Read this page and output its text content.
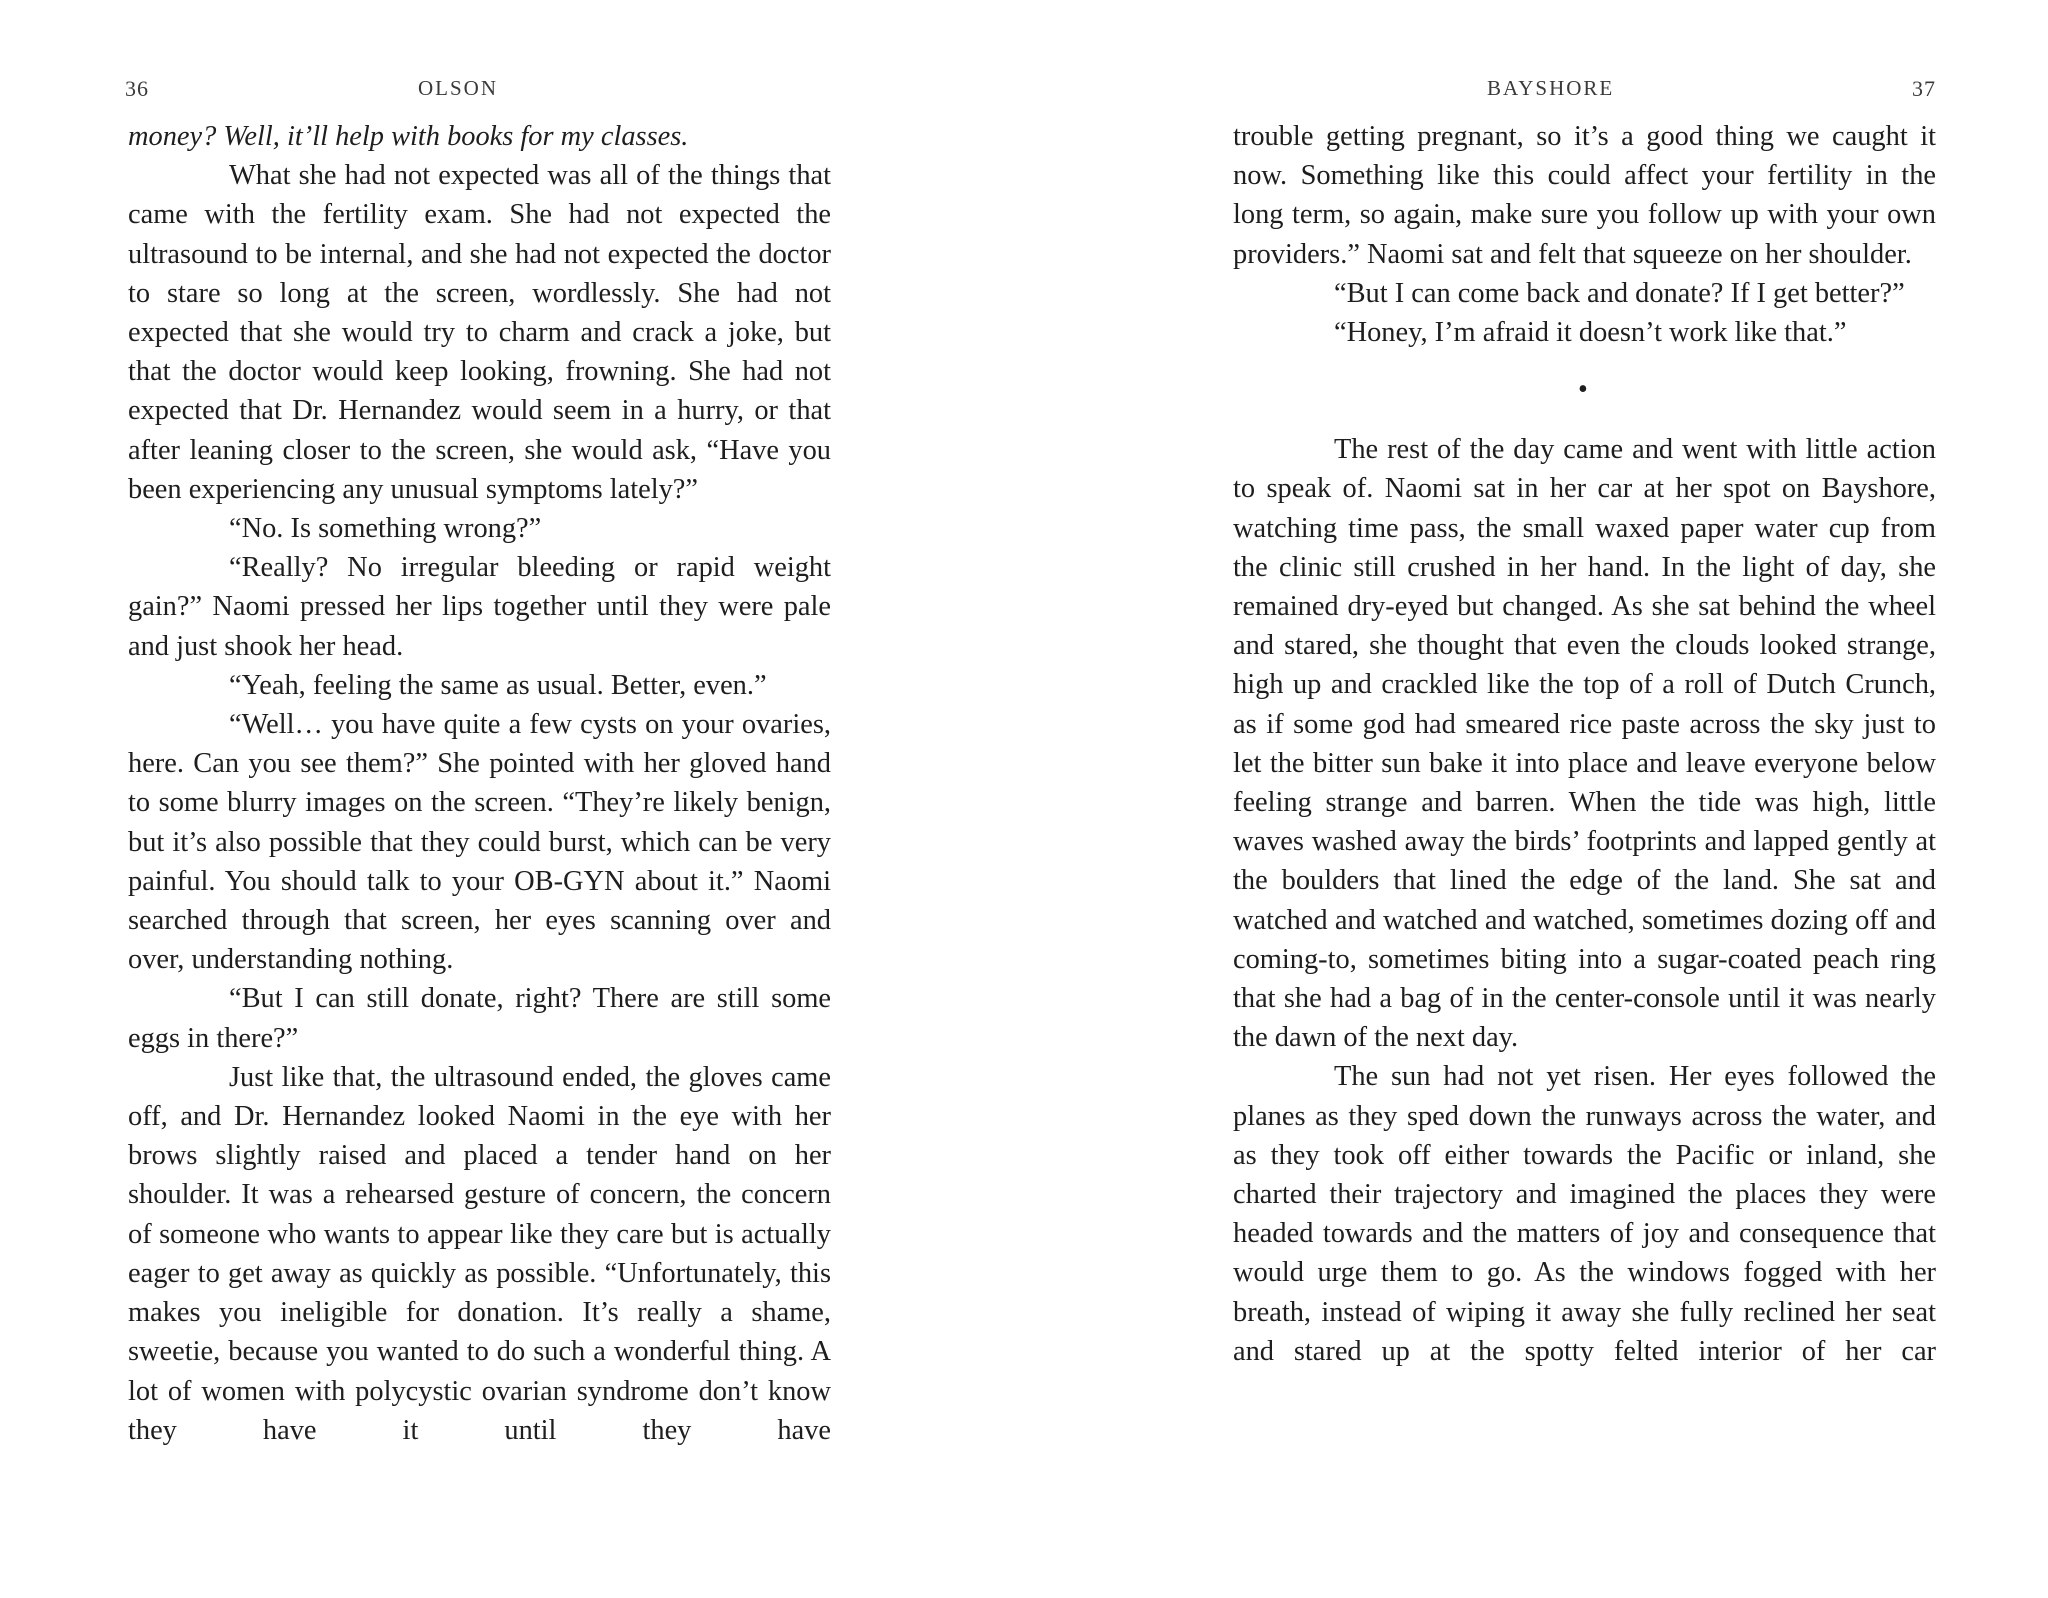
36	OLSON

money? Well, it’ll help with books for my classes.

What she had not expected was all of the things that came with the fertility exam. She had not expected the ultrasound to be internal, and she had not expected the doctor to stare so long at the screen, wordlessly. She had not expected that she would try to charm and crack a joke, but that the doctor would keep looking, frowning. She had not expected that Dr. Hernandez would seem in a hurry, or that after leaning closer to the screen, she would ask, “Have you been experiencing any unusual symptoms lately?”

“No. Is something wrong?”

“Really? No irregular bleeding or rapid weight gain?” Naomi pressed her lips together until they were pale and just shook her head.

“Yeah, feeling the same as usual. Better, even.”

“Well… you have quite a few cysts on your ovaries, here. Can you see them?” She pointed with her gloved hand to some blurry images on the screen. “They’re likely benign, but it’s also possible that they could burst, which can be very painful. You should talk to your OB-GYN about it.” Naomi searched through that screen, her eyes scanning over and over, understanding nothing.

“But I can still donate, right? There are still some eggs in there?”

Just like that, the ultrasound ended, the gloves came off, and Dr. Hernandez looked Naomi in the eye with her brows slightly raised and placed a tender hand on her shoulder. It was a rehearsed gesture of concern, the concern of someone who wants to appear like they care but is actually eager to get away as quickly as possible. “Unfortunately, this makes you ineligible for donation. It’s really a shame, sweetie, because you wanted to do such a wonderful thing. A lot of women with polycystic ovarian syndrome don’t know they have it until they have

BAYSHORE	37

trouble getting pregnant, so it’s a good thing we caught it now. Something like this could affect your fertility in the long term, so again, make sure you follow up with your own providers.” Naomi sat and felt that squeeze on her shoulder.

“But I can come back and donate? If I get better?”

“Honey, I’m afraid it doesn’t work like that.”

•

The rest of the day came and went with little action to speak of. Naomi sat in her car at her spot on Bayshore, watching time pass, the small waxed paper water cup from the clinic still crushed in her hand. In the light of day, she remained dry-eyed but changed. As she sat behind the wheel and stared, she thought that even the clouds looked strange, high up and crackled like the top of a roll of Dutch Crunch, as if some god had smeared rice paste across the sky just to let the bitter sun bake it into place and leave everyone below feeling strange and barren. When the tide was high, little waves washed away the birds’ footprints and lapped gently at the boulders that lined the edge of the land. She sat and watched and watched and watched, sometimes dozing off and coming-to, sometimes biting into a sugar-coated peach ring that she had a bag of in the center-console until it was nearly the dawn of the next day.

The sun had not yet risen. Her eyes followed the planes as they sped down the runways across the water, and as they took off either towards the Pacific or inland, she charted their trajectory and imagined the places they were headed towards and the matters of joy and consequence that would urge them to go. As the windows fogged with her breath, instead of wiping it away she fully reclined her seat and stared up at the spotty felted interior of her car
